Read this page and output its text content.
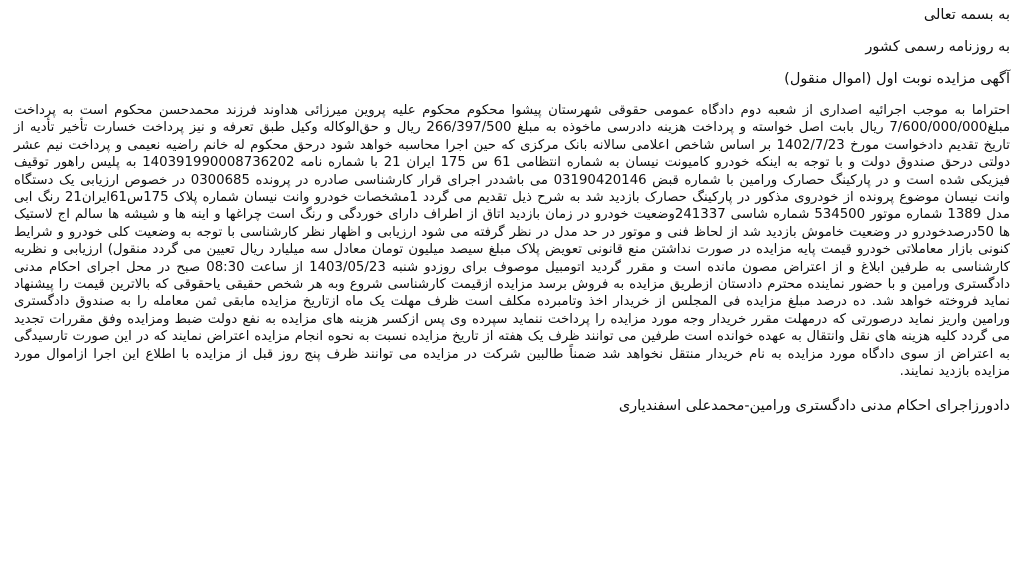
به بسمه تعالی

به روزنامه رسمی کشور

آگهی مزایده نوبت اول (اموال منقول)

احتراما به موجب اجرائیه اصداری از شعبه دوم دادگاه عمومی حقوقی شهرستان پیشوا محکوم محکوم علیه پروین میرزائی هداوند فرزند محمدحسن محکوم است به پرداخت مبلغ7/600/000/000 ریال بابت اصل خواسته و پرداخت هزینه دادرسی ماخوذه به مبلغ 266/397/500 ریال و حق‌الوکاله وکیل طبق تعرفه و نیز پرداخت خسارت تأخیر تأدیه از تاریخ تقدیم دادخواست مورخ 1402/7/23 بر اساس شاخص اعلامی سالانه بانک مرکزی که حین اجرا محاسبه خواهد شود درحق محکوم له خانم راضیه نعیمی و پرداخت نیم عشر دولتی درحق صندوق دولت و با توجه به اینکه خودرو کامیونت نیسان به شماره انتظامی 61 س 175 ایران 21 با شماره نامه 140391990008736202 به پلیس راهور توقیف فیزیکی شده است و در پارکینگ حصارک ورامین با شماره قبض 03190420146 می باشددر اجرای قرار کارشناسی صادره در پرونده 0300685 در خصوص ارزیابی یک دستگاه وانت نیسان موضوع پرونده از خودروی مذکور در پارکینگ حصارک بازدید شد به شرح ذیل تقدیم می گردد 1مشخصات خودرو وانت نیسان شماره پلاک 175س61ایران21 رنگ ابی مدل 1389 شماره موتور 534500 شماره شاسی 241337وضعیت خودرو در زمان بازدید اتاق از اطراف دارای خوردگی و رنگ است چراغها و اینه ها و شیشه ها سالم اج لاستیک ها 50درصدخودرو در وضعیت خاموش بازدید شد از لحاظ فنی و موتور در حد مدل در نظر گرفته می شود ارزیابی و اظهار نظر کارشناسی با توجه به وضعیت کلی خودرو و شرایط کنونی بازار معاملاتی خودرو قیمت پایه مزایده در صورت نداشتن منع قانونی تعویض پلاک مبلغ سیصد میلیون تومان معادل سه میلیارد ریال تعیین می گردد منقول) ارزیابی و نظریه کارشناسی به طرفین ابلاغ و از اعتراض مصون مانده است و مقرر گردید اتومبیل موصوف برای روزدو شنبه 1403/05/23 از ساعت 08:30 صبح در محل اجرای احکام مدنی دادگستری ورامین و با حضور نماینده محترم دادستان ازطریق مزایده به فروش برسد مزایده ازقیمت کارشناسی شروع وبه هر شخص حقیقی یاحقوقی که بالاترین قیمت را پیشنهاد نماید فروخته خواهد شد. ده درصد مبلغ مزایده فی المجلس از خریدار اخذ وتامبرده مکلف است ظرف مهلت یک ماه ازتاریخ مزایده مابقی ثمن معامله را به صندوق دادگستری ورامین واریز نماید درصورتی که درمهلت مقرر خریدار وجه مورد مزایده را پرداخت ننماید سپرده وی پس ازکسر هزینه های مزایده به نفع دولت ضبط ومزایده وفق مقررات تجدید می گردد کلیه هزینه های نقل وانتقال به عهده خوانده است طرفین می توانند ظرف یک هفته از تاریخ مزایده نسبت به نحوه انجام مزایده اعتراض نمایند که در این صورت تارسیدگی به اعتراض از سوی دادگاه مورد مزایده به نام خریدار منتقل نخواهد شد ضمناً طالبین شرکت در مزایده می توانند ظرف پنج روز قبل از مزایده با اطلاع این اجرا ازاموال مورد مزایده بازدید نمایند.

دادورزاجرای احکام مدنی دادگستری ورامین-محمدعلی اسفندیاری
